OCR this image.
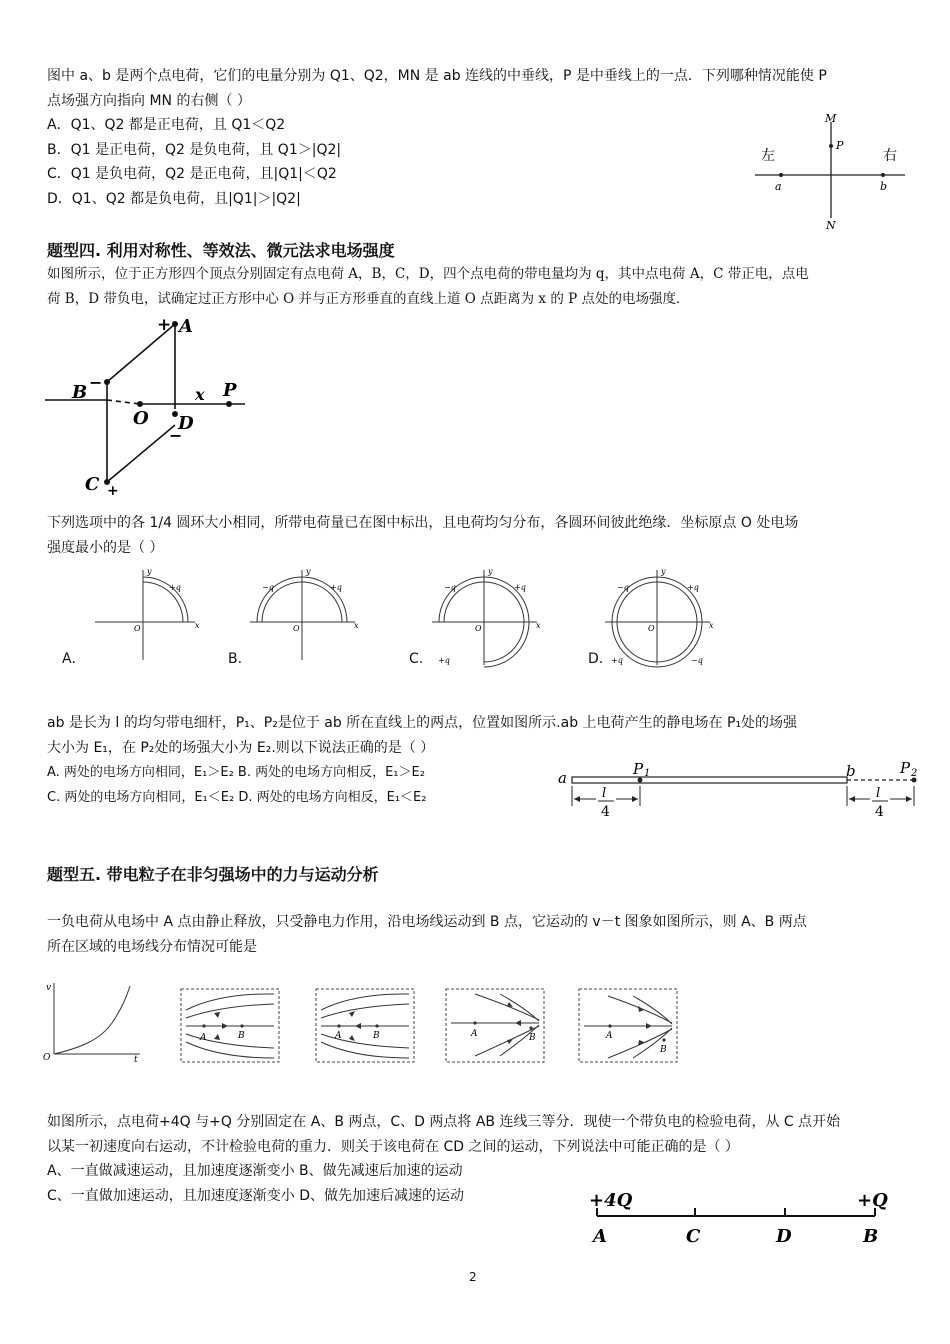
图中 a、b 是两个点电荷，它们的电量分别为 Q1、Q2，MN 是 ab 连线的中垂线，P 是中垂线上的一点．下列哪种情况能使 P
点场强方向指向 MN 的右侧（ ）
A．Q1、Q2 都是正电荷，且 Q1＜Q2
B．Q1 是正电荷，Q2 是负电荷，且 Q1＞|Q2|
C．Q1 是负电荷，Q2 是正电荷，且|Q1|＜Q2
D．Q1、Q2 都是负电荷，且|Q1|＞|Q2|
M
P
左	右
a	b
N
题型四. 利用对称性、等效法、微元法求电场强度
如图所示，位于正方形四个顶点分别固定有点电荷 A，B，C，D，四个点电荷的带电量均为 q，其中点电荷 A，C 带正电，点电
荷 B，D 带负电，试确定过正方形中心 O 并与正方形垂直的直线上道 O 点距离为 x 的 P 点处的电场强度．
+ A
B −
O
x P
D
−
C +
下列选项中的各 1/4 圆环大小相同，所带电荷量已在图中标出，且电荷均匀分布，各圆环间彼此绝缘．坐标原点 O 处电场
强度最小的是（ ）
y
x
O
+q
A.
y
x
O
−q	+q
B.
y
x
O
−q	+q
+q
C.
y
x
O
−q	+q
+q	−q
D.
ab 是长为 l 的均匀带电细杆，P₁、P₂是位于 ab 所在直线上的两点，位置如图所示.ab 上电荷产生的静电场在 P₁处的场强
大小为 E₁，在 P₂处的场强大小为 E₂.则以下说法正确的是（ ）
A. 两处的电场方向相同，E₁＞E₂ B. 两处的电场方向相反，E₁＞E₂
C. 两处的电场方向相同，E₁＜E₂ D. 两处的电场方向相反，E₁＜E₂
a	P 1	b	P 2
l
4
l
4
题型五. 带电粒子在非匀强场中的力与运动分析
一负电荷从电场中 A 点由静止释放，只受静电力作用，沿电场线运动到 B 点，它运动的 v－t 图象如图所示，则 A、B 两点
所在区域的电场线分布情况可能是
v
t
O
A	B	A	B	A	B	A
B
如图所示，点电荷+4Q 与+Q 分别固定在 A、B 两点，C、D 两点将 AB 连线三等分．现使一个带负电的检验电荷，从 C 点开始
以某一初速度向右运动，不计检验电荷的重力．则关于该电荷在 CD 之间的运动，下列说法中可能正确的是（ ）
A、一直做减速运动，且加速度逐渐变小 B、做先减速后加速的运动
C、一直做加速运动，且加速度逐渐变小 D、做先加速后减速的运动	+4Q	+Q
A	C	D	B
2
